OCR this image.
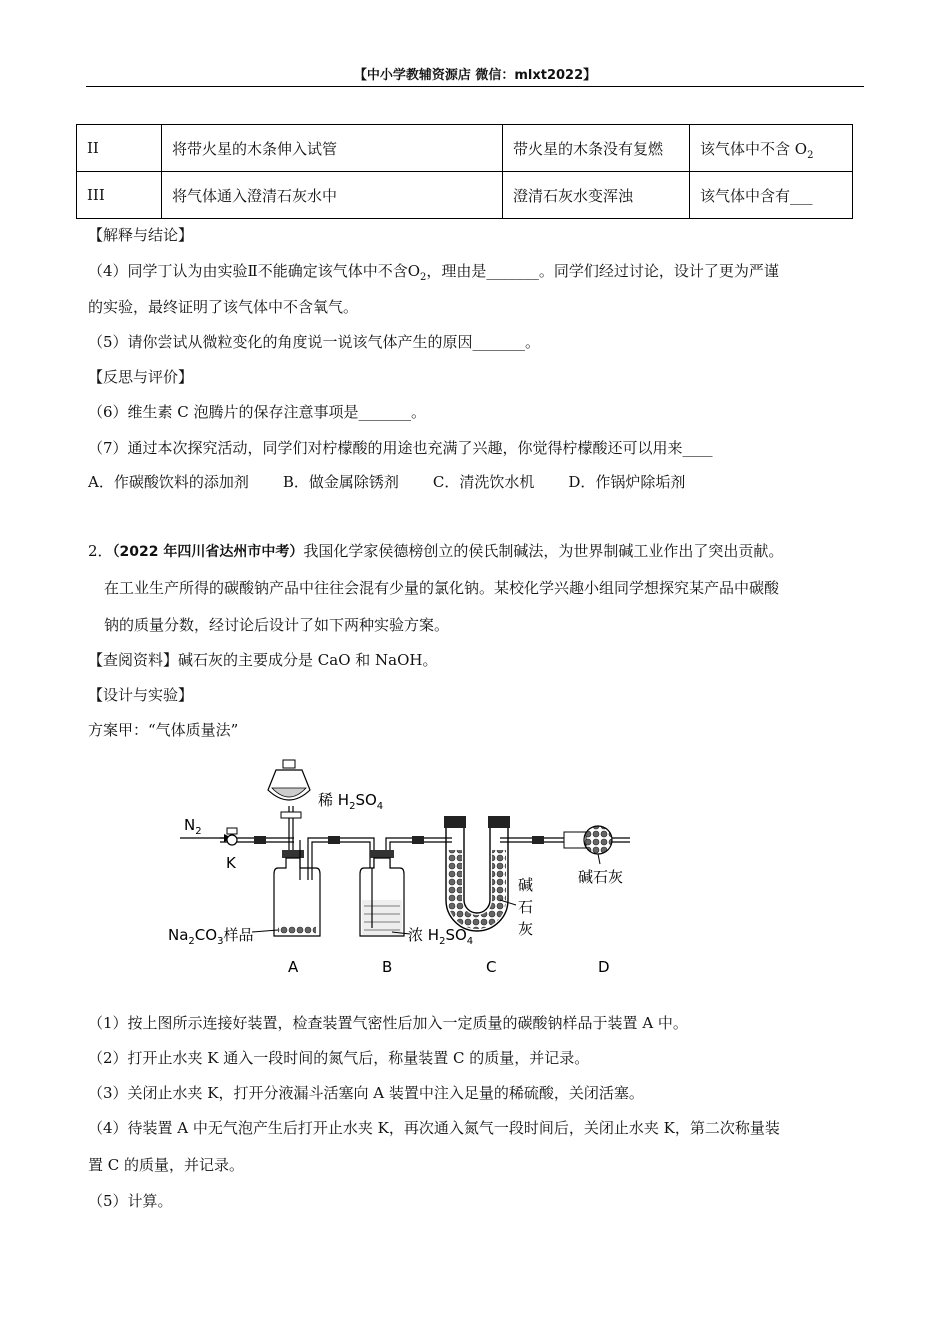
【中小学教辅资源店 微信：mlxt2022】
II	将带火星的木条伸入试管	带火星的木条没有复燃	该气体中不含 $O_2$
III	将气体通入澄清石灰水中	澄清石灰水变浑浊	该气体中含有___
【解释与结论】
（4）同学丁认为由实验Ⅱ不能确定该气体中不含$O_2$，理由是_______。同学们经过讨论，设计了更为严谨
的实验，最终证明了该气体中不含氧气。
（5）请你尝试从微粒变化的角度说一说该气体产生的原因_______。
【反思与评价】
（6）维生素 C 泡腾片的保存注意事项是_______。
（7）通过本次探究活动，同学们对柠檬酸的用途也充满了兴趣，你觉得柠檬酸还可以用来____
A．作碳酸饮料的添加剂 B．做金属除锈剂 C．清洗饮水机 D．作锅炉除垢剂
2．（2022 年四川省达州市中考）我国化学家侯德榜创立的侯氏制碱法，为世界制碱工业作出了突出贡献。
在工业生产所得的碳酸钠产品中往往会混有少量的氯化钠。某校化学兴趣小组同学想探究某产品中碳酸
钠的质量分数，经讨论后设计了如下两种实验方案。
【查阅资料】碱石灰的主要成分是 CaO 和 NaOH。
【设计与实验】
方案甲：“气体质量法”
$N_2$
K
稀 $H_2SO_4$
$Na_2CO_3$样品	浓 $H_2SO_4$
碱
石
灰
碱石灰
A	B	C	D
（1）按上图所示连接好装置，检查装置气密性后加入一定质量的碳酸钠样品于装置 A 中。
（2）打开止水夹 K 通入一段时间的氮气后，称量装置 C 的质量，并记录。
（3）关闭止水夹 K，打开分液漏斗活塞向 A 装置中注入足量的稀硫酸，关闭活塞。
（4）待装置 A 中无气泡产生后打开止水夹 K，再次通入氮气一段时间后，关闭止水夹 K，第二次称量装
置 C 的质量，并记录。
（5）计算。
